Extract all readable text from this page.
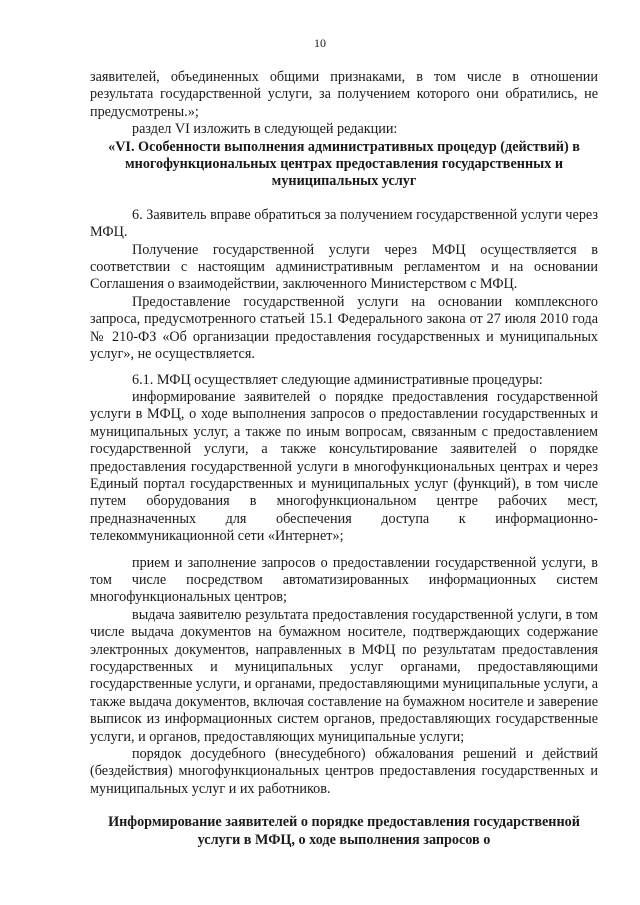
10

заявителей, объединенных общими признаками, в том числе в отношении результата государственной услуги, за получением которого они обратились, не предусмотрены.»;

раздел VI изложить в следующей редакции:

«VI. Особенности выполнения административных процедур (действий) в многофункциональных центрах предоставления государственных и муниципальных услуг

6. Заявитель вправе обратиться за получением государственной услуги через МФЦ.

Получение государственной услуги через МФЦ осуществляется в соответствии с настоящим административным регламентом и на основании Соглашения о взаимодействии, заключенного Министерством с МФЦ.

Предоставление государственной услуги на основании комплексного запроса, предусмотренного статьей 15.1 Федерального закона от 27 июля 2010 года № 210-ФЗ «Об организации предоставления государственных и муниципальных услуг», не осуществляется.

6.1. МФЦ осуществляет следующие административные процедуры:

информирование заявителей о порядке предоставления государственной услуги в МФЦ, о ходе выполнения запросов о предоставлении государственных и муниципальных услуг, а также по иным вопросам, связанным с предоставлением государственной услуги, а также консультирование заявителей о порядке предоставления государственной услуги в многофункциональных центрах и через Единый портал государственных и муниципальных услуг (функций), в том числе путем оборудования в многофункциональном центре рабочих мест, предназначенных для обеспечения доступа к информационно-телекоммуникационной сети «Интернет»;

прием и заполнение запросов о предоставлении государственной услуги, в том числе посредством автоматизированных информационных систем многофункциональных центров;

выдача заявителю результата предоставления государственной услуги, в том числе выдача документов на бумажном носителе, подтверждающих содержание электронных документов, направленных в МФЦ по результатам предоставления государственных и муниципальных услуг органами, предоставляющими государственные услуги, и органами, предоставляющими муниципальные услуги, а также выдача документов, включая составление на бумажном носителе и заверение выписок из информационных систем органов, предоставляющих государственные услуги, и органов, предоставляющих муниципальные услуги;

порядок досудебного (внесудебного) обжалования решений и действий (бездействия) многофункциональных центров предоставления государственных и муниципальных услуг и их работников.

Информирование заявителей о порядке предоставления государственной услуги в МФЦ, о ходе выполнения запросов о
